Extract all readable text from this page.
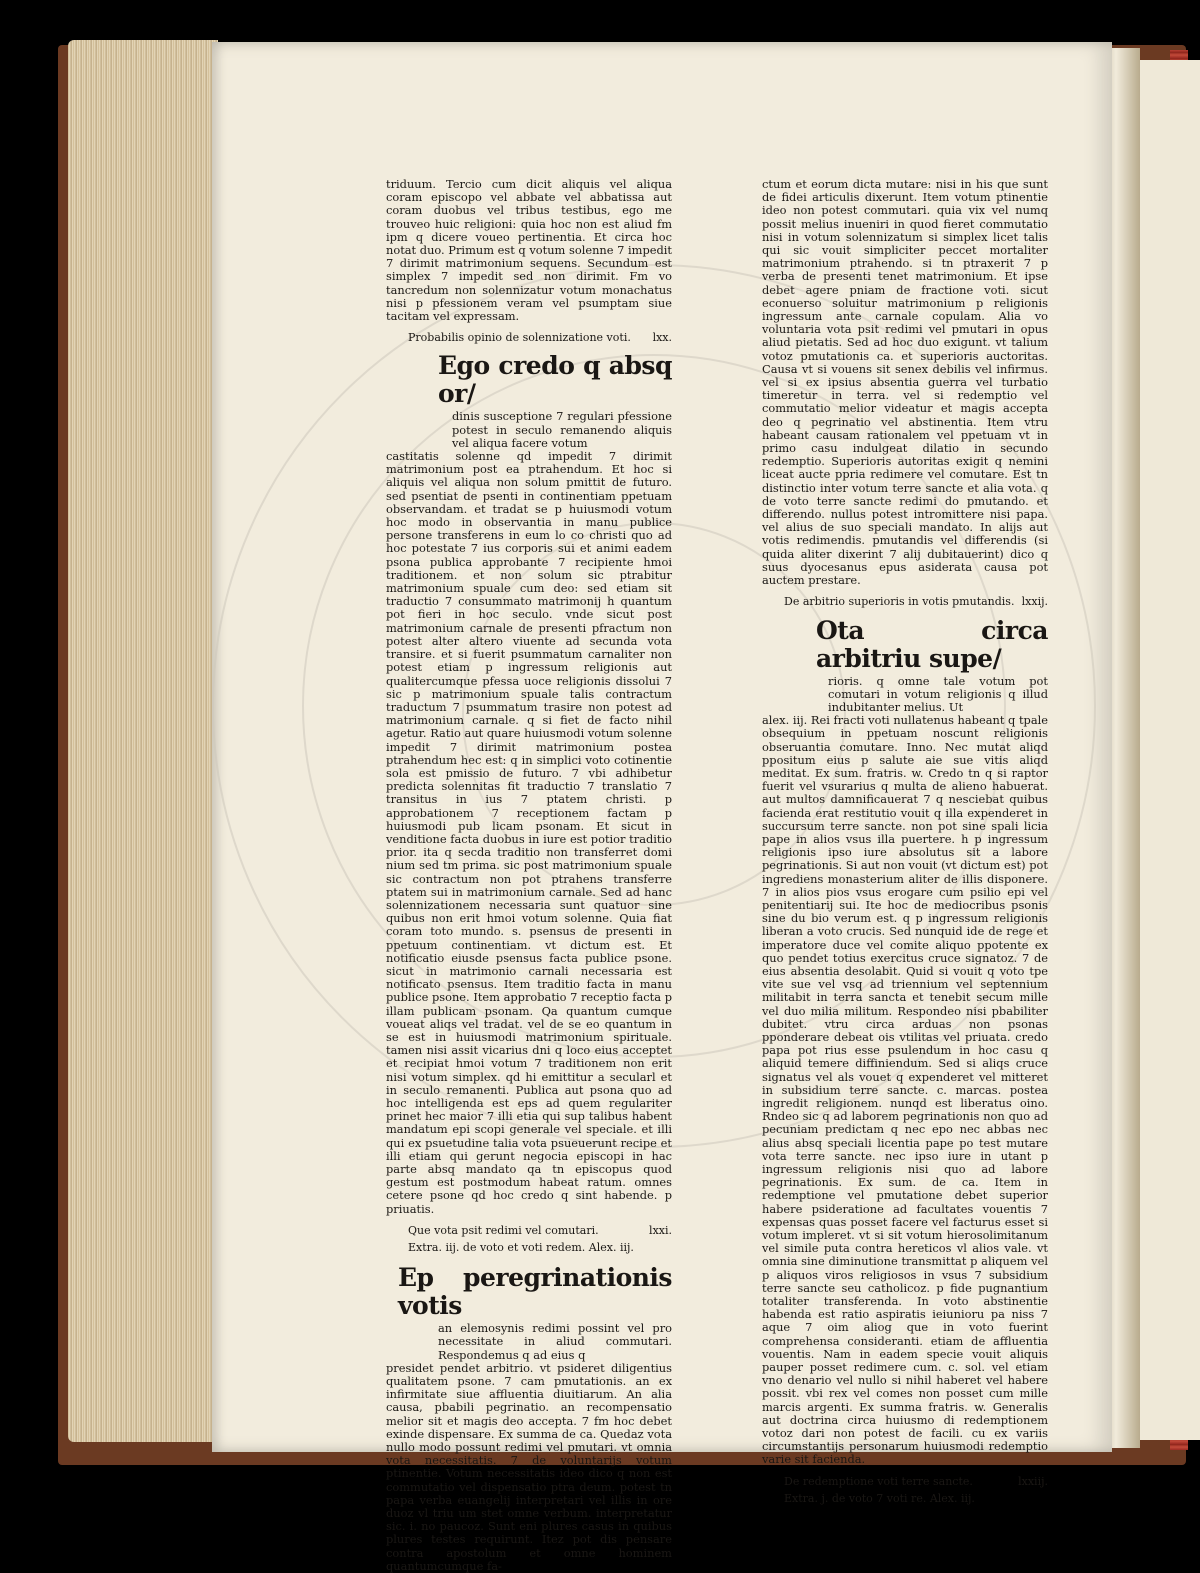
triduum. Tercio cum dicit aliquis vel aliqua coram episcopo vel abbate vel abbatissa aut coram duobus vel tribus testibus, ego me trouveo huic religioni: quia hoc non est aliud fm ipm q dicere voueo pertinentia. Et circa hoc notat duo. Primum est q votum solenne 7 impedit 7 dirimit matrimonium sequens. Secundum est simplex 7 impedit sed non dirimit. Fm vo tancredum non solennizatur votum monachatus nisi p pfessionem veram vel psumptam siue tacitam vel expressam.

Probabilis opinio de solennizatione voti. lxx.
Ego credo q absq or/

dinis susceptione 7 regulari pfessione potest in seculo remanendo aliquis vel aliqua facere votum

castitatis solenne qd impedit 7 dirimit matrimonium post ea ptrahendum. Et hoc si aliquis vel aliqua non solum pmittit de futuro. sed psentiat de psenti in continentiam ppetuam observandam. et tradat se p huiusmodi votum hoc modo in observantia in manu publice persone transferens in eum lo co christi quo ad hoc potestate 7 ius corporis sui et animi eadem psona publica approbante 7 recipiente hmoi traditionem. et non solum sic ptrabitur matrimonium spuale cum deo: sed etiam sit traductio 7 consummato matrimonij h quantum pot fieri in hoc seculo. vnde sicut post matrimonium carnale de presenti pfractum non potest alter altero viuente ad secunda vota transire. et si fuerit psummatum carnaliter non potest etiam p ingressum religionis aut qualitercumque pfessa uoce religionis dissolui 7 sic p matrimonium spuale talis contractum traductum 7 psummatum trasire non potest ad matrimonium carnale. q si fiet de facto nihil agetur. Ratio aut quare huiusmodi votum solenne impedit 7 dirimit matrimonium postea ptrahendum hec est: q in simplici voto cotinentie sola est pmissio de futuro. 7 vbi adhibetur predicta solennitas fit traductio 7 translatio 7 transitus in ius 7 ptatem christi. p approbationem 7 receptionem factam p huiusmodi pub licam psonam. Et sicut in venditione facta duobus in iure est potior traditio prior. ita q secda traditio non transferret domi nium sed tm prima. sic post matrimonium spuale sic contractum non pot ptrahens transferre ptatem sui in matrimonium carnale. Sed ad hanc solennizationem necessaria sunt quatuor sine quibus non erit hmoi votum solenne. Quia fiat coram toto mundo. s. psensus de presenti in ppetuum continentiam. vt dictum est. Et notificatio eiusde psensus facta publice psone. sicut in matrimonio carnali necessaria est notificato psensus. Item traditio facta in manu publice psone. Item approbatio 7 receptio facta p illam publicam psonam. Qa quantum cumque voueat aliqs vel tradat. vel de se eo quantum in se est in huiusmodi matrimonium spirituale. tamen nisi assit vicarius dni q loco eius acceptet et recipiat hmoi votum 7 traditionem non erit nisi votum simplex. qd hi emittitur a secularl et in seculo remanenti. Publica aut psona quo ad hoc intelligenda est eps ad quem regulariter prinet hec maior 7 illi etia qui sup talibus habent mandatum epi scopi generale vel speciale. et illi qui ex psuetudine talia vota psueuerunt recipe et illi etiam qui gerunt negocia episcopi in hac parte absq mandato qa tn episcopus quod gestum est postmodum habeat ratum. omnes cetere psone qd hoc credo q sint habende. p priuatis.

Que vota psit redimi vel comutari.	lxxi.
Extra. iij. de voto et voti redem. Alex. iij.
Ep peregrinationis votis

an elemosynis redimi possint vel pro necessitate in aliud commutari. Respondemus q ad eius q

presidet pendet arbitrio. vt psideret diligentius qualitatem psone. 7 cam pmutationis. an ex infirmitate siue affluentia diuitiarum. An alia causa, pbabili pegrinatio. an recompensatio melior sit et magis deo accepta. 7 fm hoc debet exinde dispensare. Ex summa de ca. Quedaz vota nullo modo possunt redimi vel pmutari. vt omnia vota necessitatis. 7 de voluntarijs votum ptinentie. Votum necessitatis ideo dico q non est commutatio vel dispensatio ptra deum. potest tn papa verba euangelij interpretari vel illis in ore duoz vl triu um stet omne verbum. interpretatur sic. i. no paucoz. Sunt eni plures casus in quibus plures testes requirunt. Itez pot dis pensare contra apostolum et omne hominem quantumcumque fa-

ctum et eorum dicta mutare: nisi in his que sunt de fidei articulis dixerunt. Item votum ptinentie ideo non potest commutari. quia vix vel numq possit melius inueniri in quod fieret commutatio nisi in votum solennizatum si simplex licet talis qui sic vouit simpliciter peccet mortaliter matrimonium ptrahendo. si tn ptraxerit 7 p verba de presenti tenet matrimonium. Et ipse debet agere pniam de fractione voti. sicut econuerso soluitur matrimonium p religionis ingressum ante carnale copulam. Alia vo voluntaria vota psit redimi vel pmutari in opus aliud pietatis. Sed ad hoc duo exigunt. vt talium votoz pmutationis ca. et superioris auctoritas. Causa vt si vouens sit senex debilis vel infirmus. vel si ex ipsius absentia guerra vel turbatio timeretur in terra. vel si redemptio vel commutatio melior videatur et magis accepta deo q pegrinatio vel abstinentia. Item vtru habeant causam rationalem vel ppetuam vt in primo casu indulgeat dilatio in secundo redemptio. Superioris autoritas exigit q nemini liceat aucte ppria redimere vel comutare. Est tn distinctio inter votum terre sancte et alia vota. q de voto terre sancte redimi do pmutando. et differendo. nullus potest intromittere nisi papa. vel alius de suo speciali mandato. In alijs aut votis redimendis. pmutandis vel differendis (si quida aliter dixerint 7 alij dubitauerint) dico q suus dyocesanus epus asiderata causa pot auctem prestare.

De arbitrio superioris in votis pmutandis. lxxij.
Ota circa arbitriu supe/

rioris. q omne tale votum pot comutari in votum religionis q illud indubitanter melius. Ut

alex. iij. Rei fracti voti nullatenus habeant q tpale obsequium in ppetuam noscunt religionis obseruantia comutare. Inno. Nec mutat aliqd ppositum eius p salute aie sue vitis aliqd meditat. Ex sum. fratris. w. Credo tn q si raptor fuerit vel vsurarius q multa de alieno habuerat. aut multos damnificauerat 7 q nesciebat quibus facienda erat restitutio vouit q illa expenderet in succursum terre sancte. non pot sine spali licia pape in alios vsus illa puertere. h p ingressum religionis ipso iure absolutus sit a labore pegrinationis. Si aut non vouit (vt dictum est) pot ingrediens monasterium aliter de illis disponere. 7 in alios pios vsus erogare cum psilio epi vel penitentiarij sui. Ite hoc de mediocribus psonis sine du bio verum est. q p ingressum religionis liberan a voto crucis. Sed nunquid ide de rege et imperatore duce vel comite aliquo ppotente ex quo pendet totius exercitus cruce signatoz. 7 de eius absentia desolabit. Quid si vouit q voto tpe vite sue vel vsq ad triennium vel septennium militabit in terra sancta et tenebit secum mille vel duo milia militum. Respondeo nisi pbabiliter dubitet. vtru circa arduas non psonas pponderare debeat ois vtilitas vel priuata. credo papa pot rius esse psulendum in hoc casu q aliquid temere diffiniendum. Sed si aliqs cruce signatus vel als vouet q expenderet vel mitteret in subsidium terre sancte. c. marcas. postea ingredit religionem. nunqd est liberatus oino. Rndeo sic q ad laborem pegrinationis non quo ad pecuniam predictam q nec epo nec abbas nec alius absq speciali licentia pape po test mutare vota terre sancte. nec ipso iure in utant p ingressum religionis nisi quo ad labore pegrinationis. Ex sum. de ca. Item in redemptione vel pmutatione debet superior habere psideratione ad facultates vouentis 7 expensas quas posset facere vel facturus esset si votum impleret. vt si sit votum hierosolimitanum vel simile puta contra hereticos vl alios vale. vt omnia sine diminutione transmittat p aliquem vel p aliquos viros religiosos in vsus 7 subsidium terre sancte seu catholicoz. p fide pugnantium totaliter transferenda. In voto abstinentie habenda est ratio aspiratis ieiunioru pa niss 7 aque 7 oim aliog que in voto fuerint comprehensa consideranti. etiam de affluentia vouentis. Nam in eadem specie vouit aliquis pauper posset redimere cum. c. sol. vel etiam vno denario vel nullo si nihil haberet vel habere possit. vbi rex vel comes non posset cum mille marcis argenti. Ex summa fratris. w. Generalis aut doctrina circa huiusmo di redemptionem votoz dari non potest de facili. cu ex variis circumstantijs personarum huiusmodi redemptio varie sit facienda.

De redemptione voti terre sancte.	lxxiij.
Extra. j. de voto 7 voti re. Alex. iij.
